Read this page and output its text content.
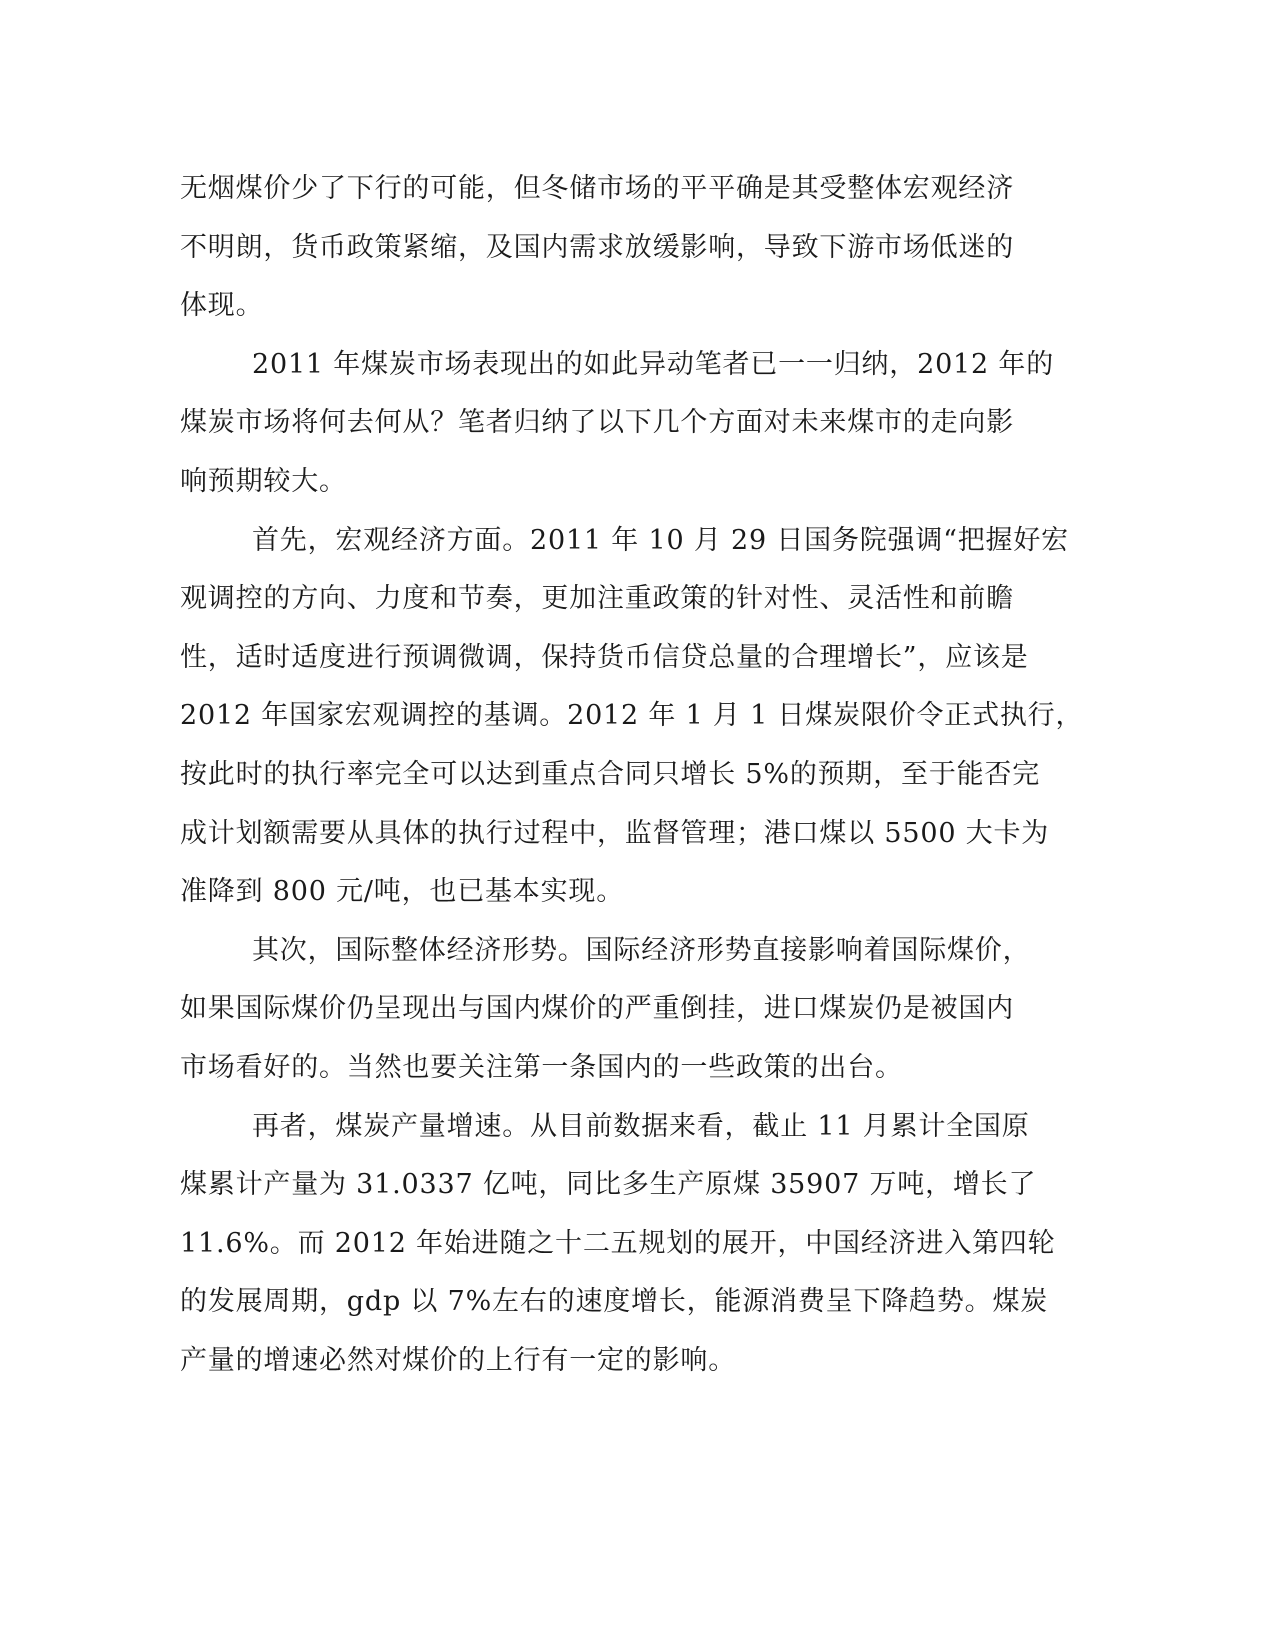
无烟煤价少了下行的可能，但冬储市场的平平确是其受整体宏观经济
不明朗，货币政策紧缩，及国内需求放缓影响，导致下游市场低迷的
体现。
2011 年煤炭市场表现出的如此异动笔者已一一归纳，2012 年的
煤炭市场将何去何从？笔者归纳了以下几个方面对未来煤市的走向影
响预期较大。
首先，宏观经济方面。2011 年 10 月 29 日国务院强调“把握好宏
观调控的方向、力度和节奏，更加注重政策的针对性、灵活性和前瞻
性，适时适度进行预调微调，保持货币信贷总量的合理增长”，应该是
2012 年国家宏观调控的基调。2012 年 1 月 1 日煤炭限价令正式执行，
按此时的执行率完全可以达到重点合同只增长 5%的预期，至于能否完
成计划额需要从具体的执行过程中，监督管理；港口煤以 5500 大卡为
准降到 800 元/吨，也已基本实现。
其次，国际整体经济形势。国际经济形势直接影响着国际煤价，
如果国际煤价仍呈现出与国内煤价的严重倒挂，进口煤炭仍是被国内
市场看好的。当然也要关注第一条国内的一些政策的出台。
再者，煤炭产量增速。从目前数据来看，截止 11 月累计全国原
煤累计产量为 31.0337 亿吨，同比多生产原煤 35907 万吨，增长了
11.6%。而 2012 年始进随之十二五规划的展开，中国经济进入第四轮
的发展周期，gdp 以 7%左右的速度增长，能源消费呈下降趋势。煤炭
产量的增速必然对煤价的上行有一定的影响。
